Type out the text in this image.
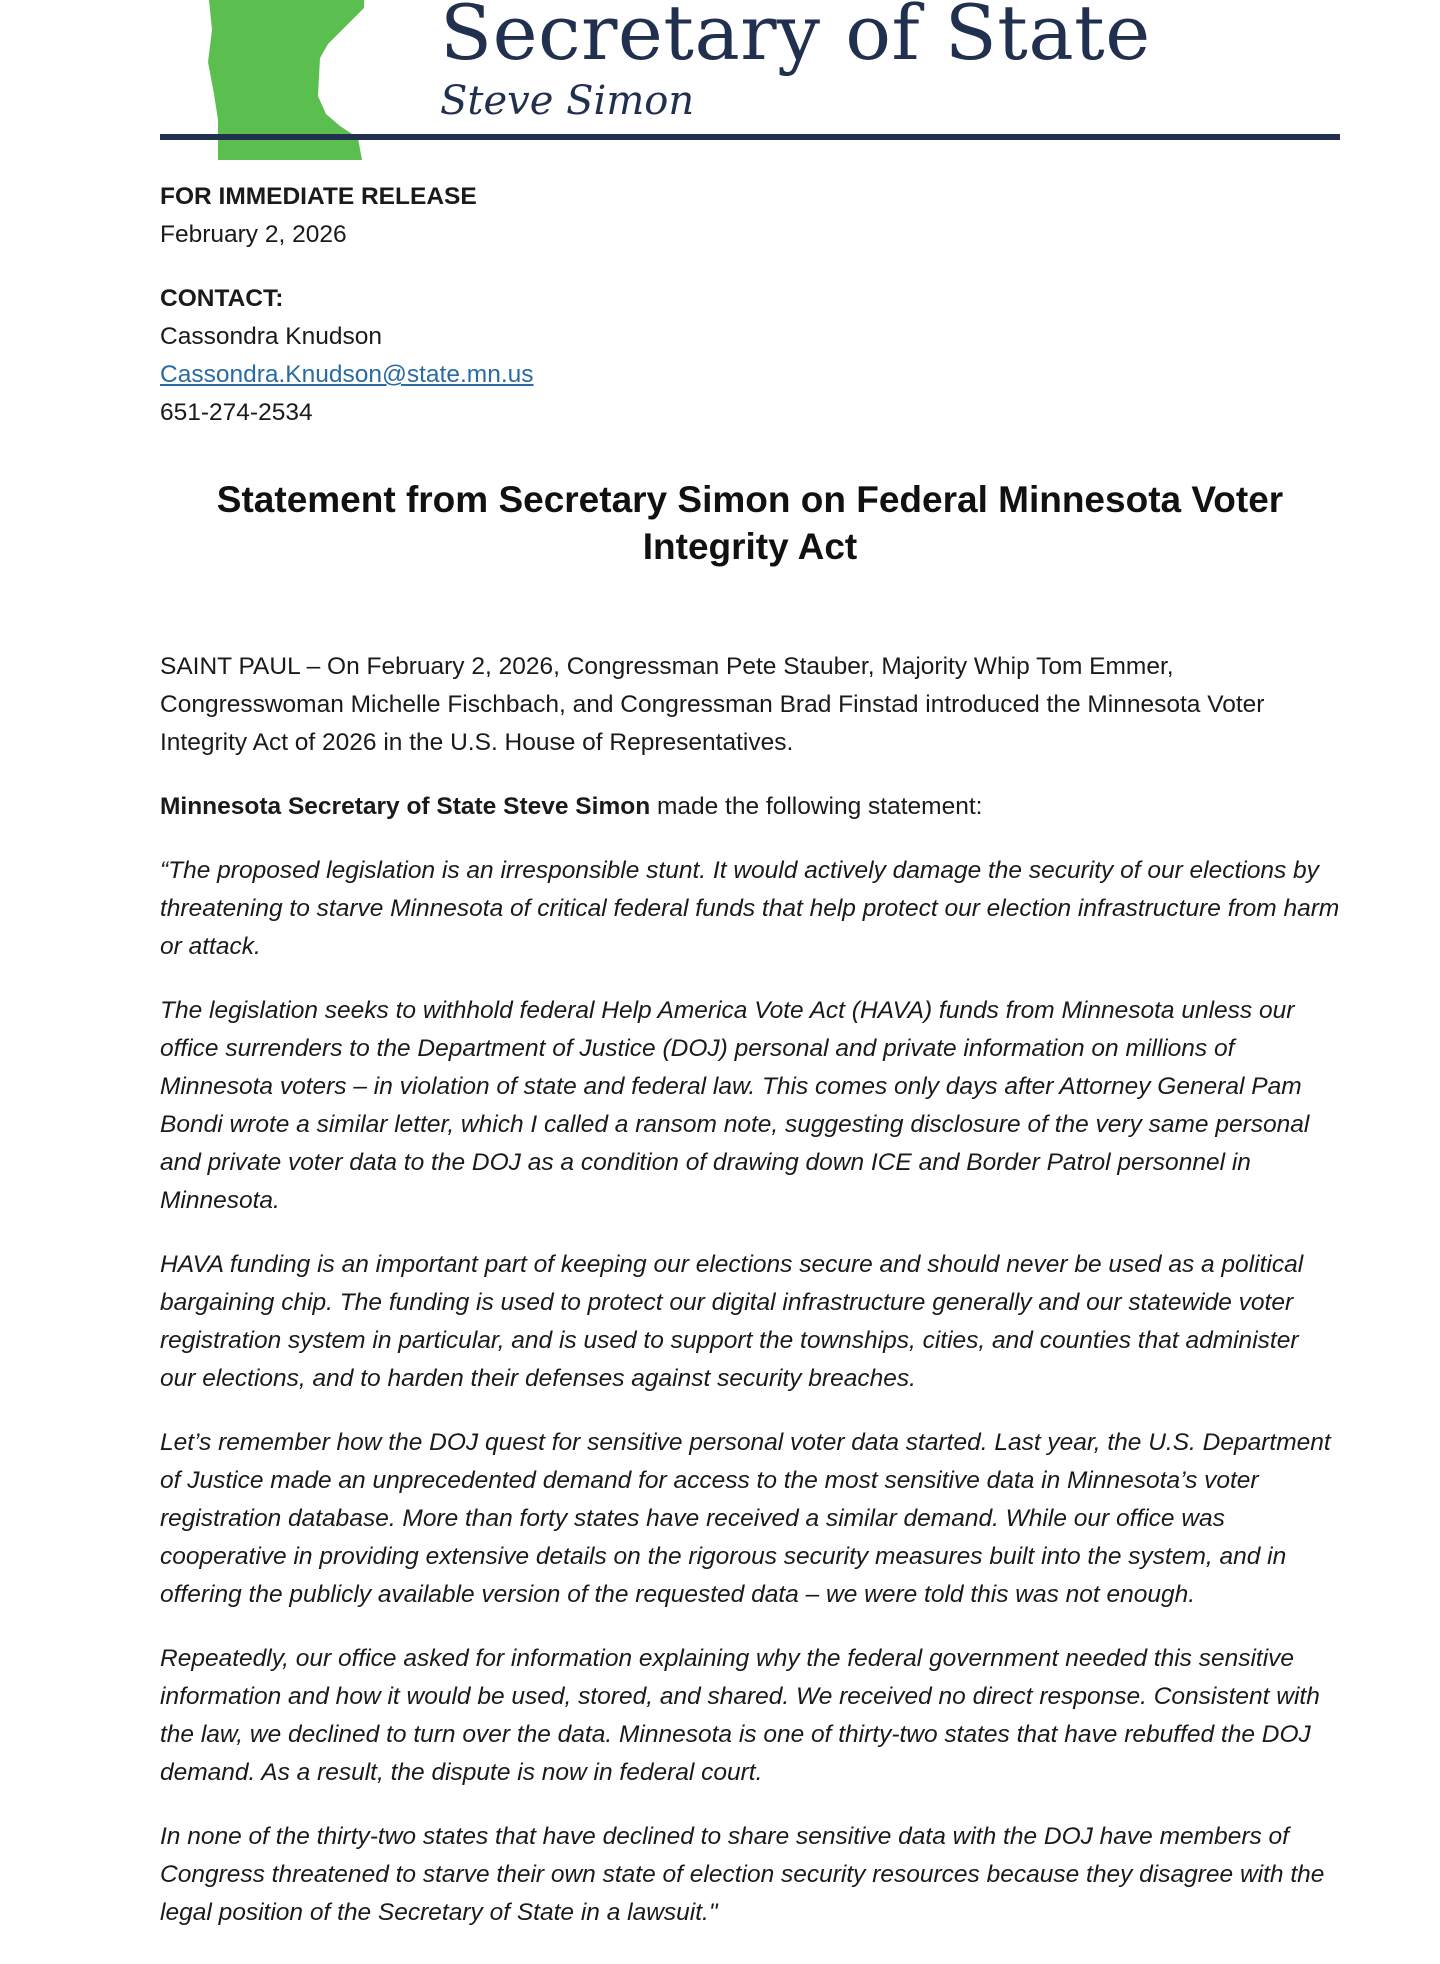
Secretary of State
Steve Simon
FOR IMMEDIATE RELEASE
February 2, 2026
CONTACT:
Cassondra Knudson
Cassondra.Knudson@state.mn.us
651-274-2534
Statement from Secretary Simon on Federal Minnesota Voter Integrity Act

SAINT PAUL – On February 2, 2026, Congressman Pete Stauber, Majority Whip Tom Emmer, Congresswoman Michelle Fischbach, and Congressman Brad Finstad introduced the Minnesota Voter Integrity Act of 2026 in the U.S. House of Representatives.

Minnesota Secretary of State Steve Simon made the following statement:

“The proposed legislation is an irresponsible stunt. It would actively damage the security of our elections by threatening to starve Minnesota of critical federal funds that help protect our election infrastructure from harm or attack.

The legislation seeks to withhold federal Help America Vote Act (HAVA) funds from Minnesota unless our office surrenders to the Department of Justice (DOJ) personal and private information on millions of Minnesota voters – in violation of state and federal law. This comes only days after Attorney General Pam Bondi wrote a similar letter, which I called a ransom note, suggesting disclosure of the very same personal and private voter data to the DOJ as a condition of drawing down ICE and Border Patrol personnel in Minnesota.

HAVA funding is an important part of keeping our elections secure and should never be used as a political bargaining chip. The funding is used to protect our digital infrastructure generally and our statewide voter registration system in particular, and is used to support the townships, cities, and counties that administer our elections, and to harden their defenses against security breaches.

Let’s remember how the DOJ quest for sensitive personal voter data started. Last year, the U.S. Department of Justice made an unprecedented demand for access to the most sensitive data in Minnesota’s voter registration database. More than forty states have received a similar demand. While our office was cooperative in providing extensive details on the rigorous security measures built into the system, and in offering the publicly available version of the requested data – we were told this was not enough.

Repeatedly, our office asked for information explaining why the federal government needed this sensitive information and how it would be used, stored, and shared. We received no direct response. Consistent with the law, we declined to turn over the data. Minnesota is one of thirty-two states that have rebuffed the DOJ demand. As a result, the dispute is now in federal court.

In none of the thirty-two states that have declined to share sensitive data with the DOJ have members of Congress threatened to starve their own state of election security resources because they disagree with the legal position of the Secretary of State in a lawsuit."
